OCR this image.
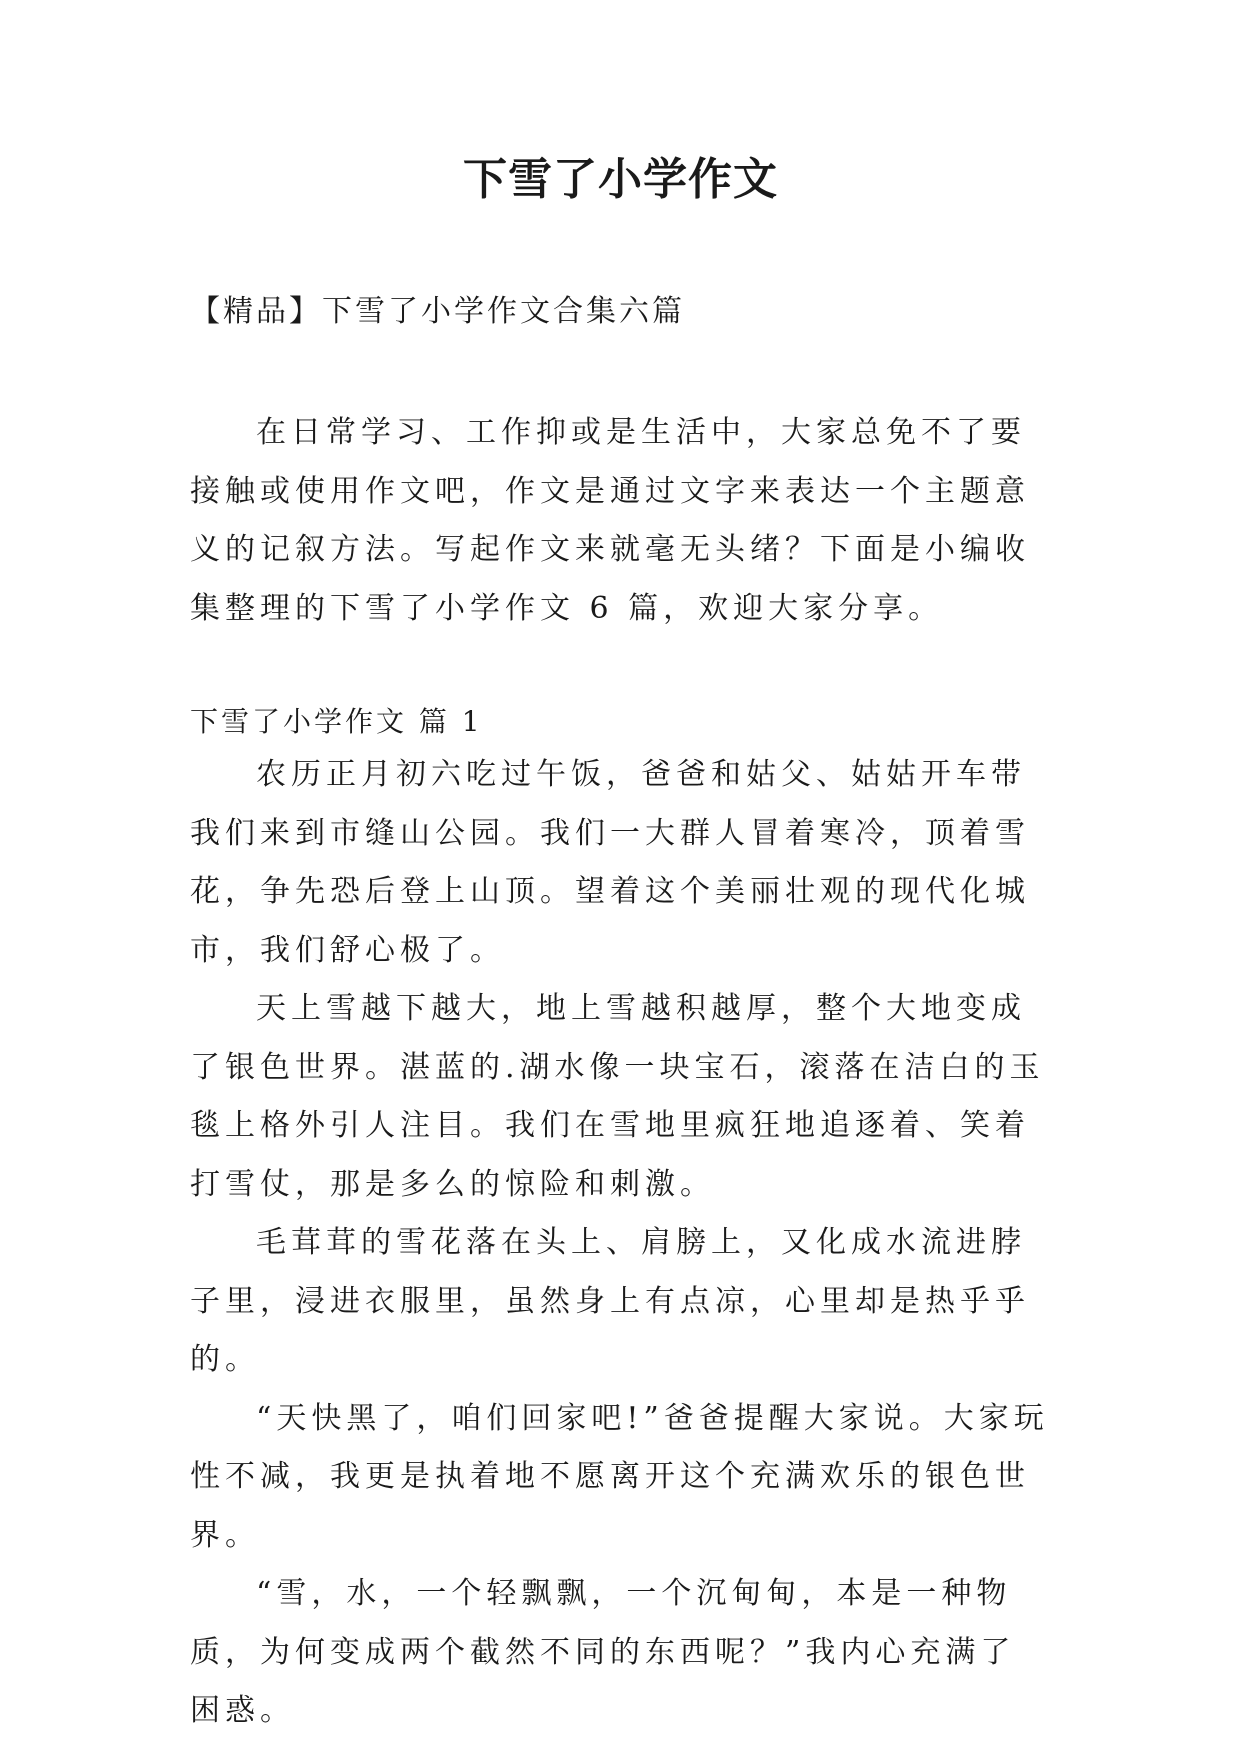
下雪了小学作文
【精品】下雪了小学作文合集六篇

在日常学习、工作抑或是生活中，大家总免不了要接触或使用作文吧，作文是通过文字来表达一个主题意义的记叙方法。写起作文来就毫无头绪？下面是小编收集整理的下雪了小学作文 6 篇，欢迎大家分享。

下雪了小学作文 篇 1

农历正月初六吃过午饭，爸爸和姑父、姑姑开车带我们来到市缝山公园。我们一大群人冒着寒冷，顶着雪花，争先恐后登上山顶。望着这个美丽壮观的现代化城市，我们舒心极了。

天上雪越下越大，地上雪越积越厚，整个大地变成了银色世界。湛蓝的.湖水像一块宝石，滚落在洁白的玉毯上格外引人注目。我们在雪地里疯狂地追逐着、笑着打雪仗，那是多么的惊险和刺激。

毛茸茸的雪花落在头上、肩膀上，又化成水流进脖子里，浸进衣服里，虽然身上有点凉，心里却是热乎乎的。

“天快黑了，咱们回家吧!”爸爸提醒大家说。大家玩性不减，我更是执着地不愿离开这个充满欢乐的银色世界。

“雪，水，一个轻飘飘，一个沉甸甸，本是一种物质，为何变成两个截然不同的东西呢？”我内心充满了困惑。
